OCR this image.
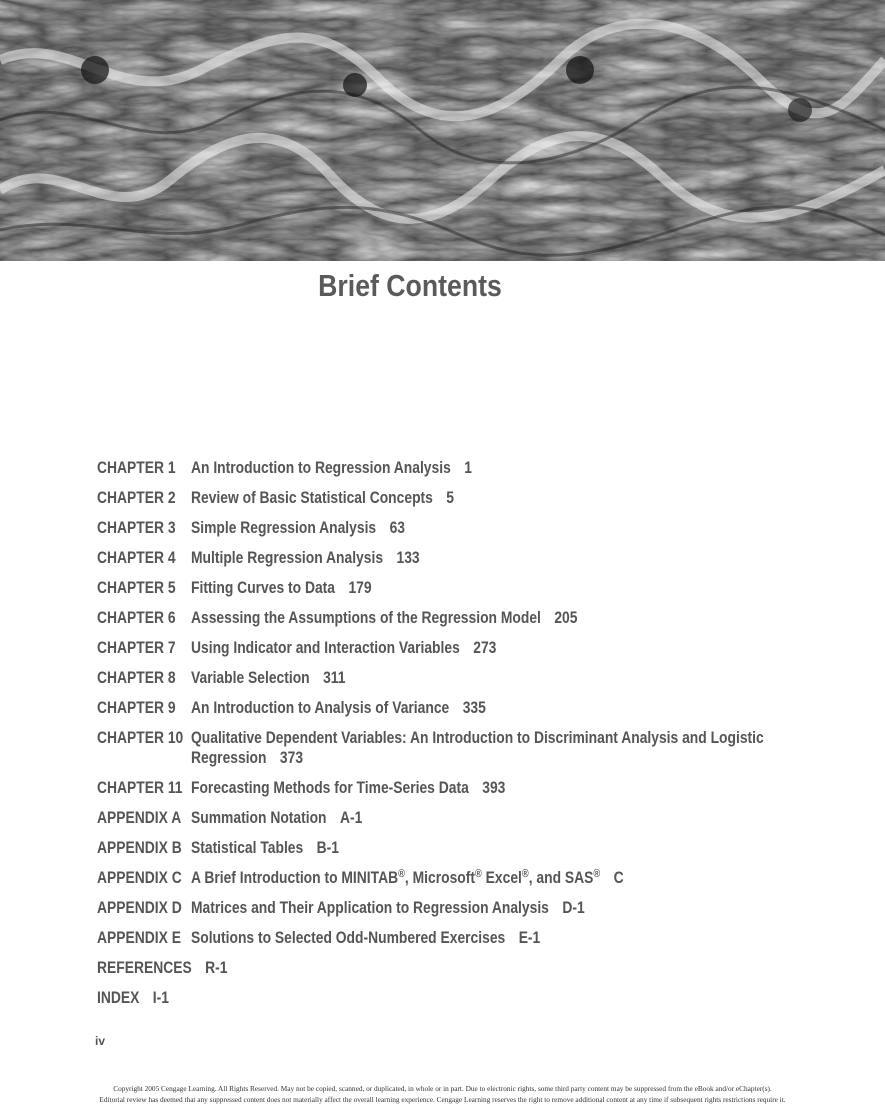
Brief Contents
CHAPTER 1 An Introduction to Regression Analysis 1
CHAPTER 2 Review of Basic Statistical Concepts 5
CHAPTER 3 Simple Regression Analysis 63
CHAPTER 4 Multiple Regression Analysis 133
CHAPTER 5 Fitting Curves to Data 179
CHAPTER 6 Assessing the Assumptions of the Regression Model 205
CHAPTER 7 Using Indicator and Interaction Variables 273
CHAPTER 8 Variable Selection 311
CHAPTER 9 An Introduction to Analysis of Variance 335
CHAPTER 10 Qualitative Dependent Variables: An Introduction to Discriminant Analysis and Logistic
Regression 373
CHAPTER 11 Forecasting Methods for Time-Series Data 393
APPENDIX A Summation Notation A-1
APPENDIX B Statistical Tables B-1
APPENDIX C A Brief Introduction to MINITAB®, Microsoft® Excel®, and SAS® C
APPENDIX D Matrices and Their Application to Regression Analysis D-1
APPENDIX E Solutions to Selected Odd-Numbered Exercises E-1
REFERENCES R-1
INDEX I-1
iv
Copyright 2005 Cengage Learning. All Rights Reserved. May not be copied, scanned, or duplicated, in whole or in part. Due to electronic rights, some third party content may be suppressed from the eBook and/or eChapter(s).
Editorial review has deemed that any suppressed content does not materially affect the overall learning experience. Cengage Learning reserves the right to remove additional content at any time if subsequent rights restrictions require it.
